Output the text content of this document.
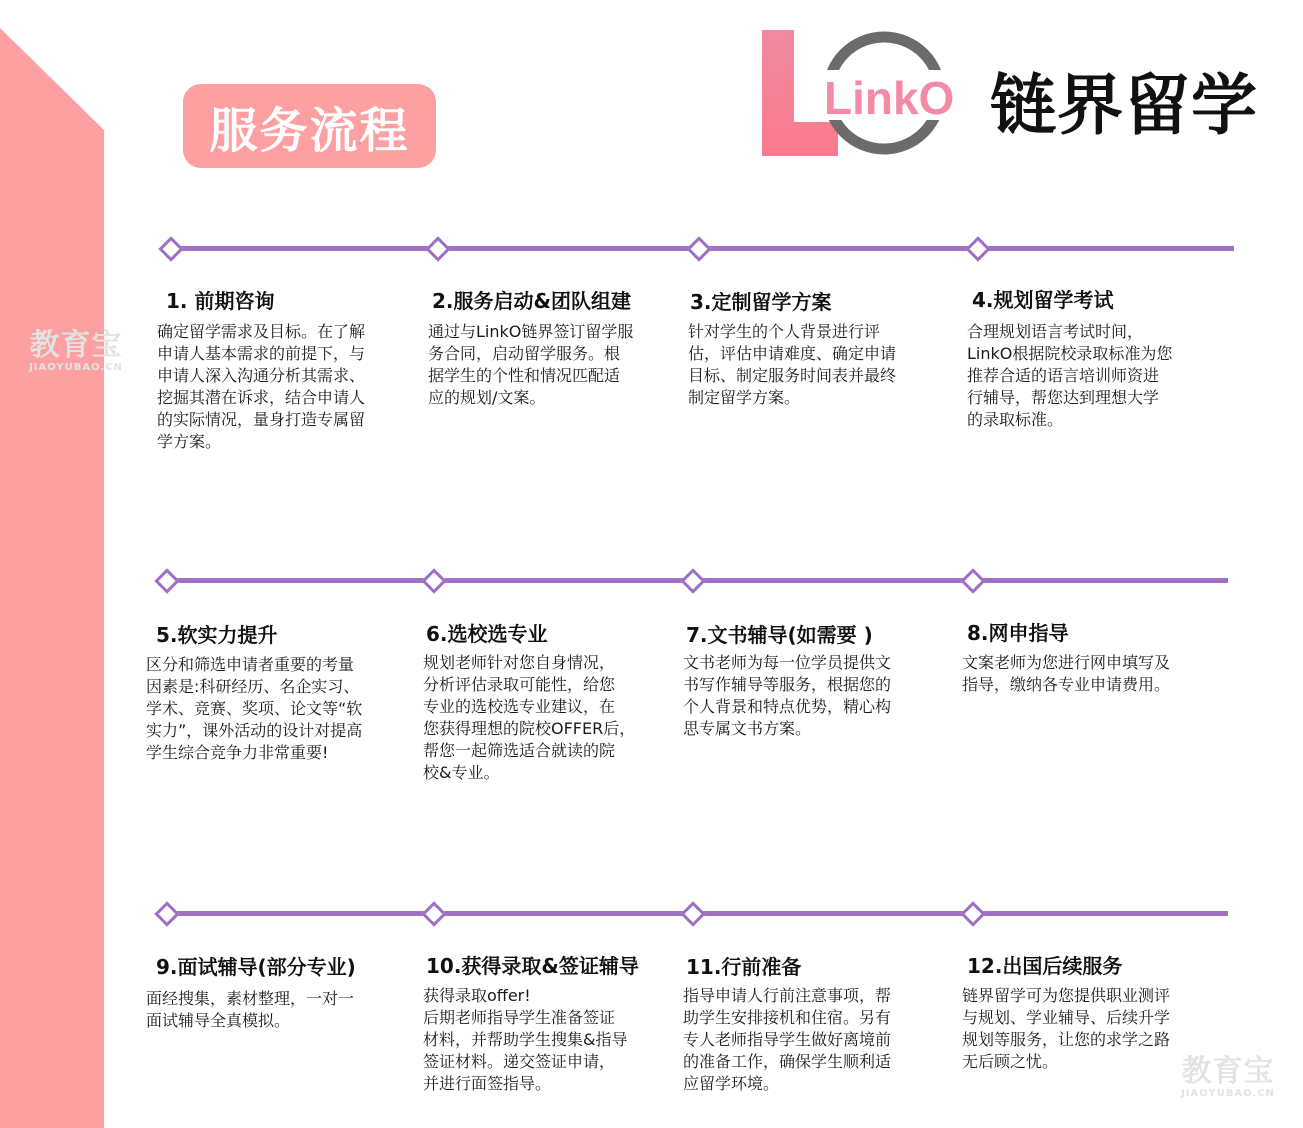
教育宝
JIAOYUBAO.CN
服务流程
LinkO 链界留学
1. 前期咨询
确定留学需求及目标。在了解
申请人基本需求的前提下，与
申请人深入沟通分析其需求、
挖掘其潜在诉求，结合申请人
的实际情况，量身打造专属留
学方案。
2.服务启动&团队组建
通过与LinkO链界签订留学服
务合同，启动留学服务。根
据学生的个性和情况匹配适
应的规划/文案。
3.定制留学方案
针对学生的个人背景进行评
估，评估申请难度、确定申请
目标、制定服务时间表并最终
制定留学方案。
4.规划留学考试
合理规划语言考试时间，
LinkO根据院校录取标准为您
推荐合适的语言培训师资进
行辅导，帮您达到理想大学
的录取标准。
5.软实力提升
区分和筛选申请者重要的考量
因素是:科研经历、名企实习、
学术、竞赛、奖项、论文等“软
实力”，课外活动的设计对提高
学生综合竞争力非常重要!
6.选校选专业
规划老师针对您自身情况，
分析评估录取可能性，给您
专业的选校选专业建议，在
您获得理想的院校OFFER后，
帮您一起筛选适合就读的院
校&专业。
7.文书辅导(如需要 )
文书老师为每一位学员提供文
书写作辅导等服务，根据您的
个人背景和特点优势，精心构
思专属文书方案。
8.网申指导
文案老师为您进行网申填写及
指导，缴纳各专业申请费用。
9.面试辅导(部分专业)
面经搜集，素材整理，一对一
面试辅导全真模拟。
10.获得录取&签证辅导
获得录取offer!
后期老师指导学生准备签证
材料，并帮助学生搜集&指导
签证材料。递交签证申请，
并进行面签指导。
11.行前准备
指导申请人行前注意事项，帮
助学生安排接机和住宿。另有
专人老师指导学生做好离境前
的准备工作，确保学生顺利适
应留学环境。
12.出国后续服务
链界留学可为您提供职业测评
与规划、学业辅导、后续升学
规划等服务，让您的求学之路
无后顾之忧。	教育宝
JIAOYUBAO.CN
